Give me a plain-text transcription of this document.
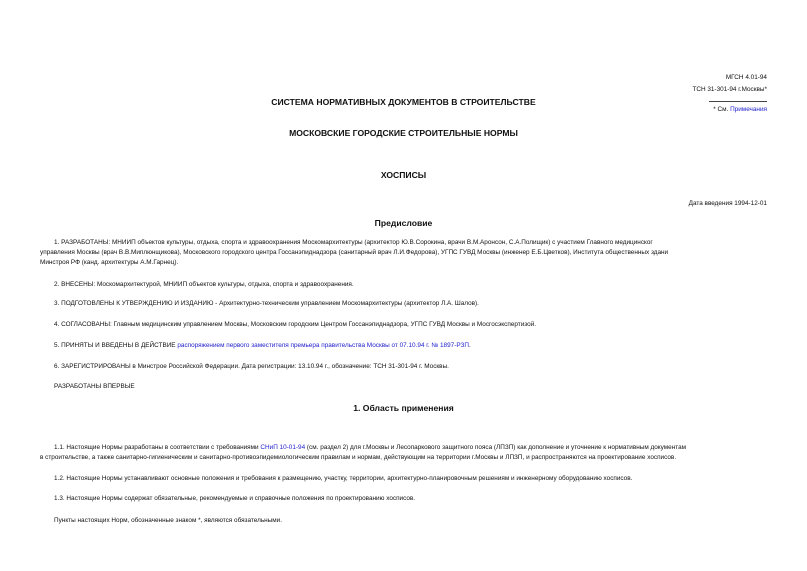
МГСН 4.01-94
ТСН 31-301-94 г.Москвы*
* См. Примечания
СИСТЕМА НОРМАТИВНЫХ ДОКУМЕНТОВ В СТРОИТЕЛЬСТВЕ
МОСКОВСКИЕ ГОРОДСКИЕ СТРОИТЕЛЬНЫЕ НОРМЫ
ХОСПИСЫ
Дата введения 1994-12-01
Предисловие
1. РАЗРАБОТАНЫ: МНИИП объектов культуры, отдыха, спорта и здравоохранения Москомархитектуры (архитектор Ю.В.Сорокина, врачи В.М.Аронсон, С.А.Полищик) с участием Главного медицинског
управления Москвы (врач В.В.Миплюнщикова), Московского городского центра Госсанэпиднадзора (санитарный врач Л.И.Федорова), УГПС ГУВД Москвы (инженер Е.Б.Цветков), Института общественных здани
Минстроя РФ (канд. архитектуры А.М.Гарнец).
2. ВНЕСЕНЫ: Москомархитектурой, МНИИП объектов культуры, отдыха, спорта и здравоохранения.
3. ПОДГОТОВЛЕНЫ К УТВЕРЖДЕНИЮ И ИЗДАНИЮ - Архитектурно-техническим управлением Москомархитектуры (архитектор Л.А. Шалов).
4. СОГЛАСОВАНЫ: Главным медицинским управлением Москвы, Московским городским Центром Госсанэпиднадзора, УГПС ГУВД Москвы и Мосгосэкспертизой.
5. ПРИНЯТЫ И ВВЕДЕНЫ В ДЕЙСТВИЕ распоряжением первого заместителя премьера правительства Москвы от 07.10.94 г. № 1897-РЗП.
6. ЗАРЕГИСТРИРОВАНЫ в Минстрое Российской Федерации. Дата регистрации: 13.10.94 г., обозначение: ТСН 31-301-94 г. Москвы.
РАЗРАБОТАНЫ ВПЕРВЫЕ
1. Область применения
1.1. Настоящие Нормы разработаны в соответствии с требованиями СНиП 10-01-94 (см. раздел 2) для г.Москвы и Лесопаркового защитного пояса (ЛПЗП) как дополнение и уточнение к нормативным документам
в строительстве, а также санитарно-гигиеническим и санитарно-противоэпидемиологическим правилам и нормам, действующим на территории г.Москвы и ЛПЗП, и распространяются на проектирование хосписов.
1.2. Настоящие Нормы устанавливают основные положения и требования к размещению, участку, территории, архитектурно-планировочным решениям и инженерному оборудованию хосписов.
1.3. Настоящие Нормы содержат обязательные, рекомендуемые и справочные положения по проектированию хосписов.
Пункты настоящих Норм, обозначенные знаком *, являются обязательными.
